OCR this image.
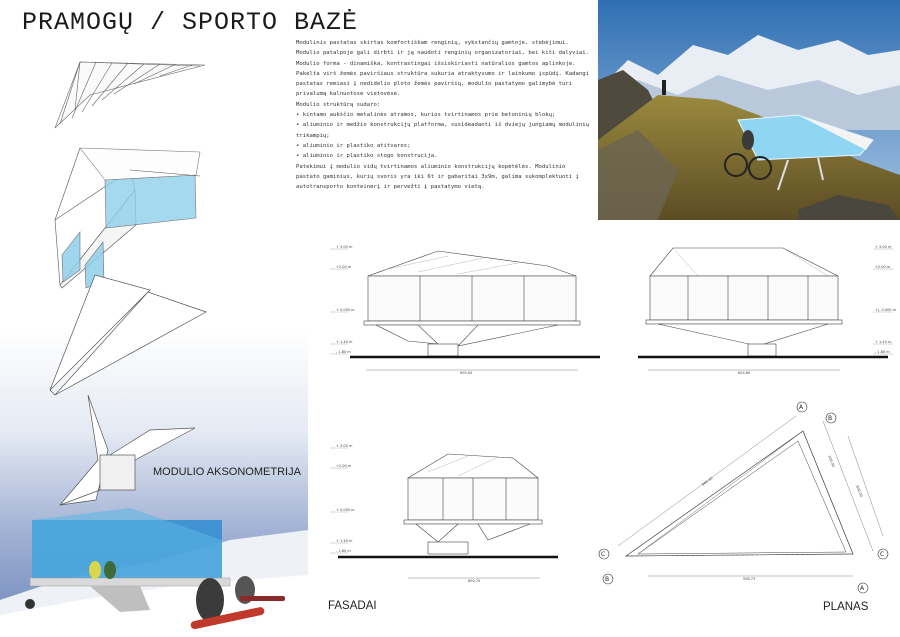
PRAMOGŲ / SPORTO BAZĖ

Modulinis pastatas skirtas komfortiškam renginių, vykstančių gamtoje, stebėjimui. Modulio patalpoje gali dirbti ir ją naudoti renginių organizatoriai, bei kiti dalyviai.

Modulio forma - dinamiška, kontrastingai išsiskiriasti natūralios gamtos aplinkoje. Pakelta virš žemės paviršiaus struktūra sukuria atraktyvumo ir lainkumo įspūdį. Kadangi pastatas remiasi į nedidelio ploto žemės paviršių, modulio pastatymo galimybė turi privalumą kalnuotose vietovėse.

Modulio struktūrą sudaro:

• kintamo aukščio metalinės atramos, kurios tvirtinamos prie betoninių blokų;

• aliuminio ir medžio konstrukcijų platforma, susideadanti iš dviejų jungiamų modulinių trikampių;

• aliuminio ir plastiko atitvaros;

• aliuminio ir plastiko stogo konstrucija.

Patekimui į modulio vidų tvirtinamos aliuminio konstrukcijų kopėtėlės. Modulinio pastato gaminius, kurių svoris yra iki 6t ir gabaritai 3x9m, galima sukomplektuoti į autotransporto konteinerį ir pervežti į pastatymo vietą.

+ 3.00 m
+2.00 m
+ 0.000 m
+ 1.40 m
- 1.80 m
900.00	604.60
+ 3.00 m
+2.00 m
+/- 0.000 m
+ 1.40 m
- 1.80 m
+ 3.00 m
+2.00 m
+ 0.000 m
+ 1.40 m
- 1.80 m
600.70
940.40
300.00
600.00
598.73
A
B
C	C
B
A
MODULIO AKSONOMETRIJA
FASADAI	PLANAS
